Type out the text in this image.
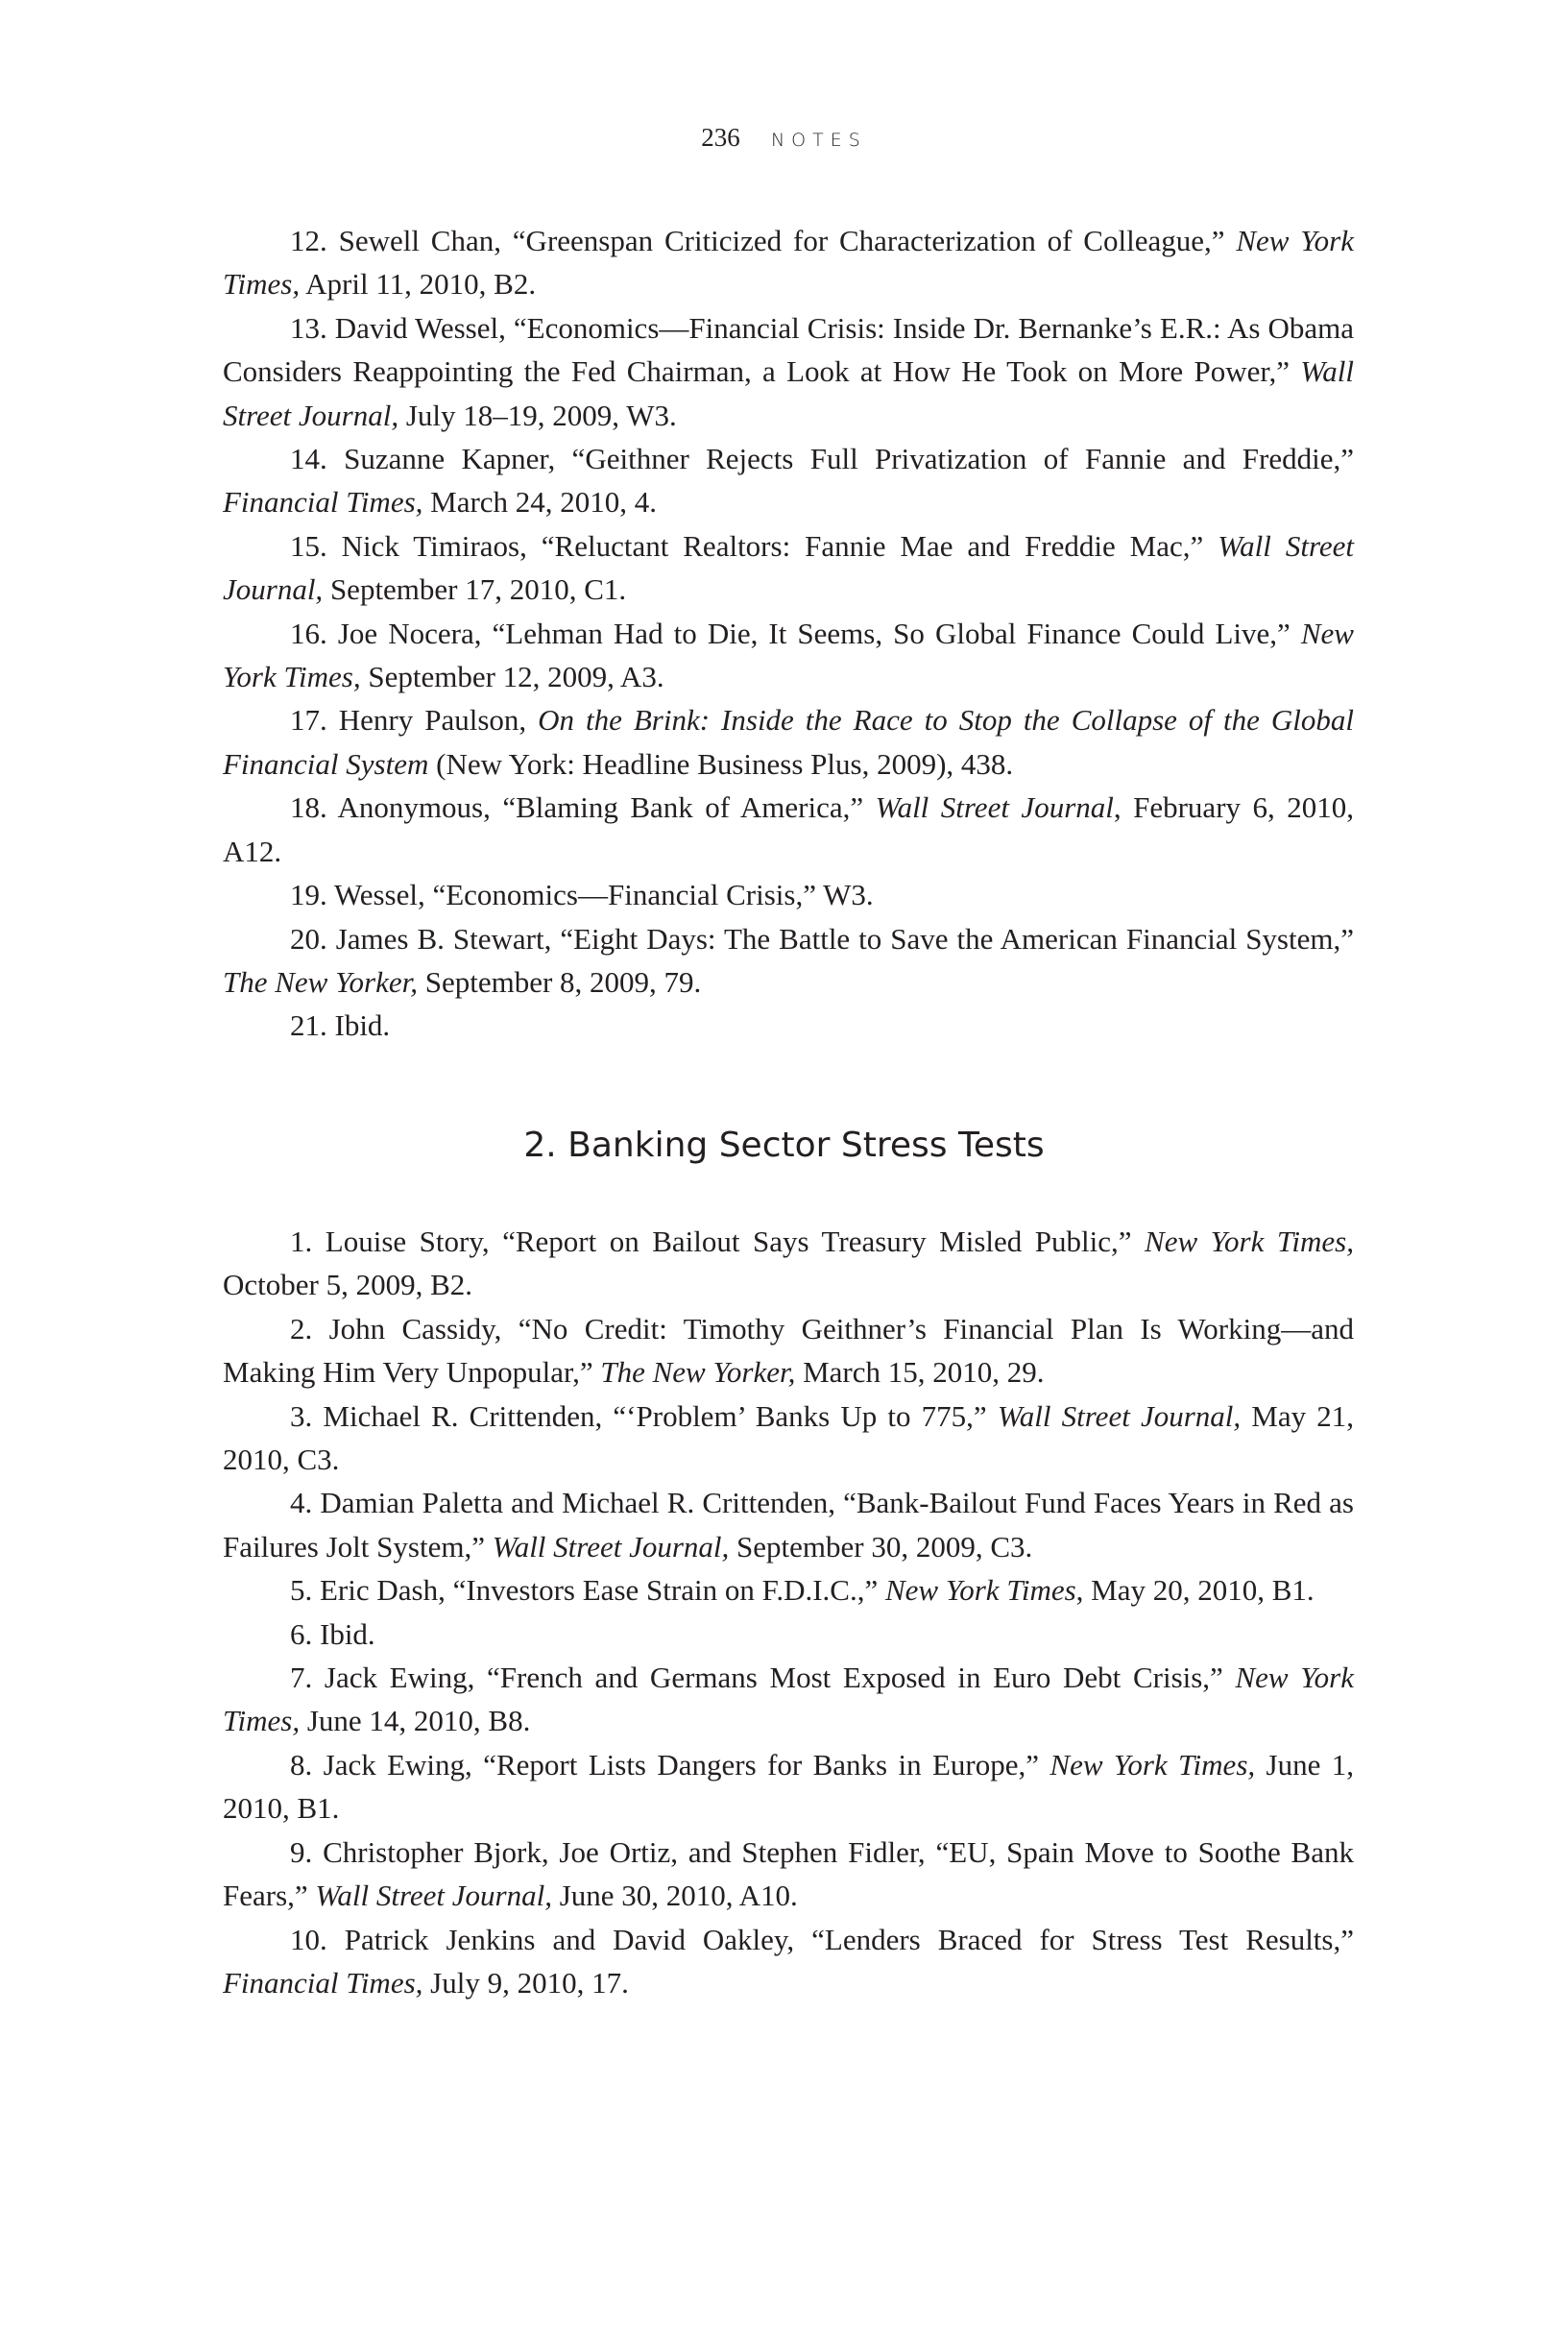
236 NOTES

12. Sewell Chan, “Greenspan Criticized for Characterization of Colleague,” New York Times, April 11, 2010, B2.

13. David Wessel, “Economics—Financial Crisis: Inside Dr. Bernanke’s E.R.: As Obama Considers Reappointing the Fed Chairman, a Look at How He Took on More Power,” Wall Street Journal, July 18–19, 2009, W3.

14. Suzanne Kapner, “Geithner Rejects Full Privatization of Fannie and Freddie,” Financial Times, March 24, 2010, 4.

15. Nick Timiraos, “Reluctant Realtors: Fannie Mae and Freddie Mac,” Wall Street Journal, September 17, 2010, C1.

16. Joe Nocera, “Lehman Had to Die, It Seems, So Global Finance Could Live,” New York Times, September 12, 2009, A3.

17. Henry Paulson, On the Brink: Inside the Race to Stop the Collapse of the Global Financial System (New York: Headline Business Plus, 2009), 438.

18. Anonymous, “Blaming Bank of America,” Wall Street Journal, February 6, 2010, A12.

19. Wessel, “Economics—Financial Crisis,” W3.

20. James B. Stewart, “Eight Days: The Battle to Save the American Financial System,” The New Yorker, September 8, 2009, 79.

21. Ibid.

2. Banking Sector Stress Tests

1. Louise Story, “Report on Bailout Says Treasury Misled Public,” New York Times, October 5, 2009, B2.

2. John Cassidy, “No Credit: Timothy Geithner’s Financial Plan Is Working—and Making Him Very Unpopular,” The New Yorker, March 15, 2010, 29.

3. Michael R. Crittenden, “‘Problem’ Banks Up to 775,” Wall Street Journal, May 21, 2010, C3.

4. Damian Paletta and Michael R. Crittenden, “Bank-Bailout Fund Faces Years in Red as Failures Jolt System,” Wall Street Journal, September 30, 2009, C3.

5. Eric Dash, “Investors Ease Strain on F.D.I.C.,” New York Times, May 20, 2010, B1.

6. Ibid.

7. Jack Ewing, “French and Germans Most Exposed in Euro Debt Crisis,” New York Times, June 14, 2010, B8.

8. Jack Ewing, “Report Lists Dangers for Banks in Europe,” New York Times, June 1, 2010, B1.

9. Christopher Bjork, Joe Ortiz, and Stephen Fidler, “EU, Spain Move to Soothe Bank Fears,” Wall Street Journal, June 30, 2010, A10.

10. Patrick Jenkins and David Oakley, “Lenders Braced for Stress Test Results,” Financial Times, July 9, 2010, 17.
